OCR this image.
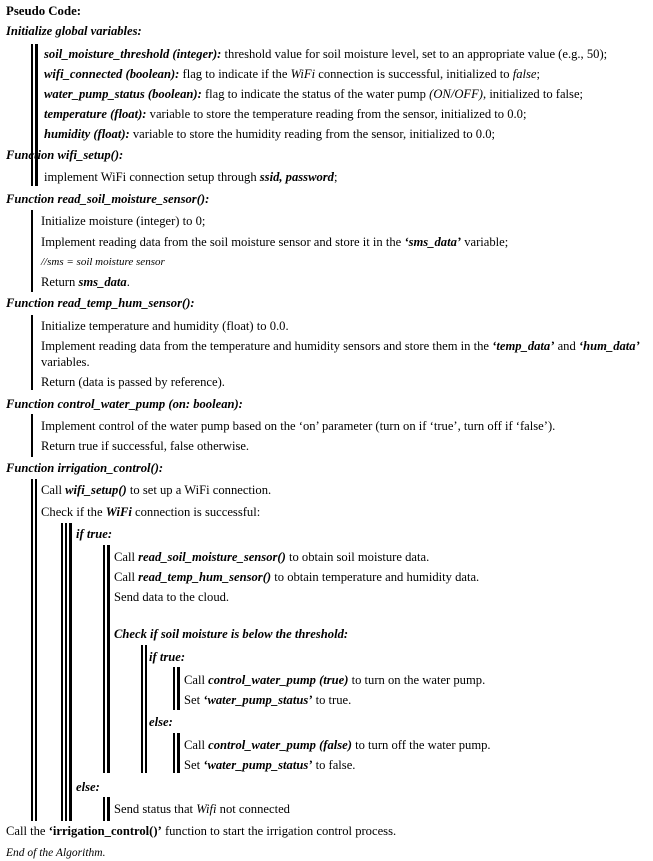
Pseudo Code:
Initialize global variables:
soil_moisture_threshold (integer): threshold value for soil moisture level, set to an appropriate value (e.g., 50);
wifi_connected (boolean): flag to indicate if the WiFi connection is successful, initialized to false;
water_pump_status (boolean): flag to indicate the status of the water pump (ON/OFF), initialized to false;
temperature (float): variable to store the temperature reading from the sensor, initialized to 0.0;
humidity (float): variable to store the humidity reading from the sensor, initialized to 0.0;
Function wifi_setup():
implement WiFi connection setup through ssid, password;
Function read_soil_moisture_sensor():
Initialize moisture (integer) to 0;
Implement reading data from the soil moisture sensor and store it in the ‘sms_data’ variable;
//sms = soil moisture sensor
Return sms_data.
Function read_temp_hum_sensor():
Initialize temperature and humidity (float) to 0.0.
Implement reading data from the temperature and humidity sensors and store them in the ‘temp_data’ and ‘hum_data’
variables.
Return (data is passed by reference).
Function control_water_pump (on: boolean):
Implement control of the water pump based on the ‘on’ parameter (turn on if ‘true’, turn off if ‘false’).
Return true if successful, false otherwise.
Function irrigation_control():
Call wifi_setup() to set up a WiFi connection.
Check if the WiFi connection is successful:
if true:
Call read_soil_moisture_sensor() to obtain soil moisture data.
Call read_temp_hum_sensor() to obtain temperature and humidity data.
Send data to the cloud.
Check if soil moisture is below the threshold:
if true:
Call control_water_pump (true) to turn on the water pump.
Set ‘water_pump_status’ to true.
else:
Call control_water_pump (false) to turn off the water pump.
Set ‘water_pump_status’ to false.
else:
Send status that Wifi not connected
Call the ‘irrigation_control()’ function to start the irrigation control process.
End of the Algorithm.
